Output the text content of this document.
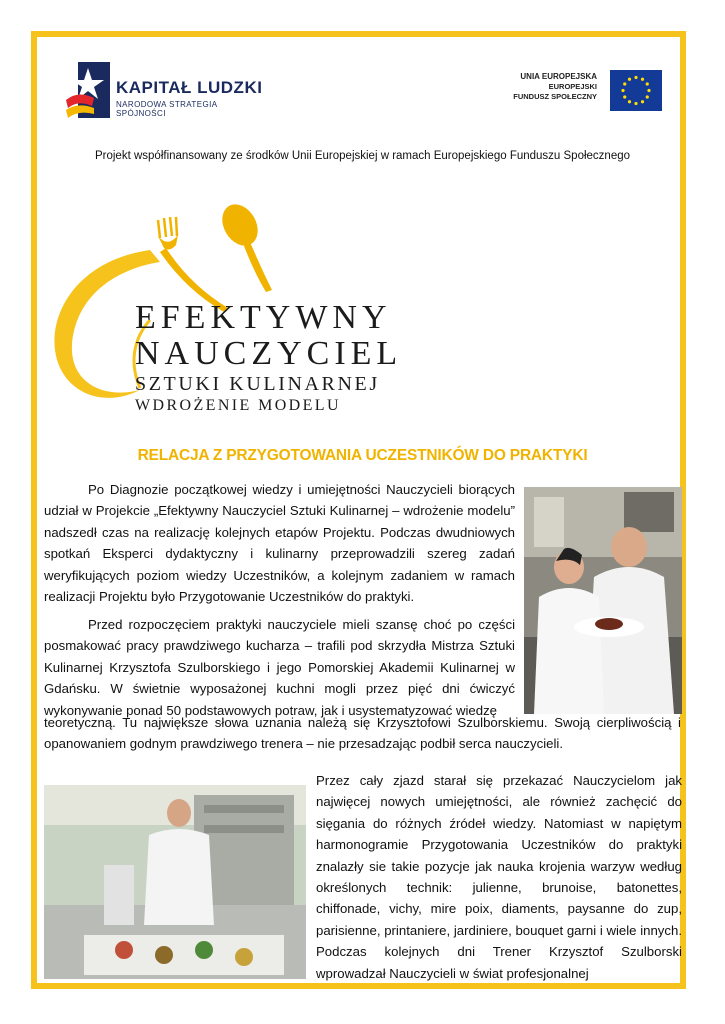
KAPITAŁ LUDZKI
NARODOWA STRATEGIA SPÓJNOŚCI
UNIA EUROPEJSKA
EUROPEJSKI
FUNDUSZ SPOŁECZNY
Projekt współfinansowany ze środków Unii Europejskiej w ramach Europejskiego Funduszu Społecznego
EFEKTYWNY
NAUCZYCIEL
SZTUKI KULINARNEJ
WDROŻENIE MODELU
RELACJA Z PRZYGOTOWANIA UCZESTNIKÓW DO PRAKTYKI
Po Diagnozie początkowej wiedzy i umiejętności Nauczycieli biorących udział w Projekcie „Efektywny Nauczyciel Sztuki Kulinarnej – wdrożenie modelu” nadszedł czas na realizację kolejnych etapów Projektu. Podczas dwudniowych spotkań Eksperci dydaktyczny i kulinarny przeprowadzili szereg zadań weryfikujących poziom wiedzy Uczestników, a kolejnym zadaniem w ramach realizacji Projektu było Przygotowanie Uczestników do praktyki.
Przed rozpoczęciem praktyki nauczyciele mieli szansę choć po części posmakować pracy prawdziwego kucharza – trafili pod skrzydła Mistrza Sztuki Kulinarnej Krzysztofa Szulborskiego i jego Pomorskiej Akademii Kulinarnej w Gdańsku. W świetnie wyposażonej kuchni mogli przez pięć dni ćwiczyć wykonywanie ponad 50 podstawowych potraw, jak i usystematyzować wiedzę
teoretyczną. Tu największe słowa uznania należą się Krzysztofowi Szulborskiemu. Swoją cierpliwością i opanowaniem godnym prawdziwego trenera – nie przesadzając podbił serca nauczycieli.
Przez cały zjazd starał się przekazać Nauczycielom jak najwięcej nowych umiejętności, ale również zachęcić do sięgania do różnych źródeł wiedzy. Natomiast w napiętym harmonogramie Przygotowania Uczestników do praktyki znalazły sie takie pozycje jak nauka krojenia warzyw według określonych technik: julienne, brunoise, batonettes, chiffonade, vichy, mire poix, diaments, paysanne do zup, parisienne, printaniere, jardiniere, bouquet garni i wiele innych. Podczas kolejnych dni Trener Krzysztof Szulborski wprowadzał Nauczycieli w świat profesjonalnej
